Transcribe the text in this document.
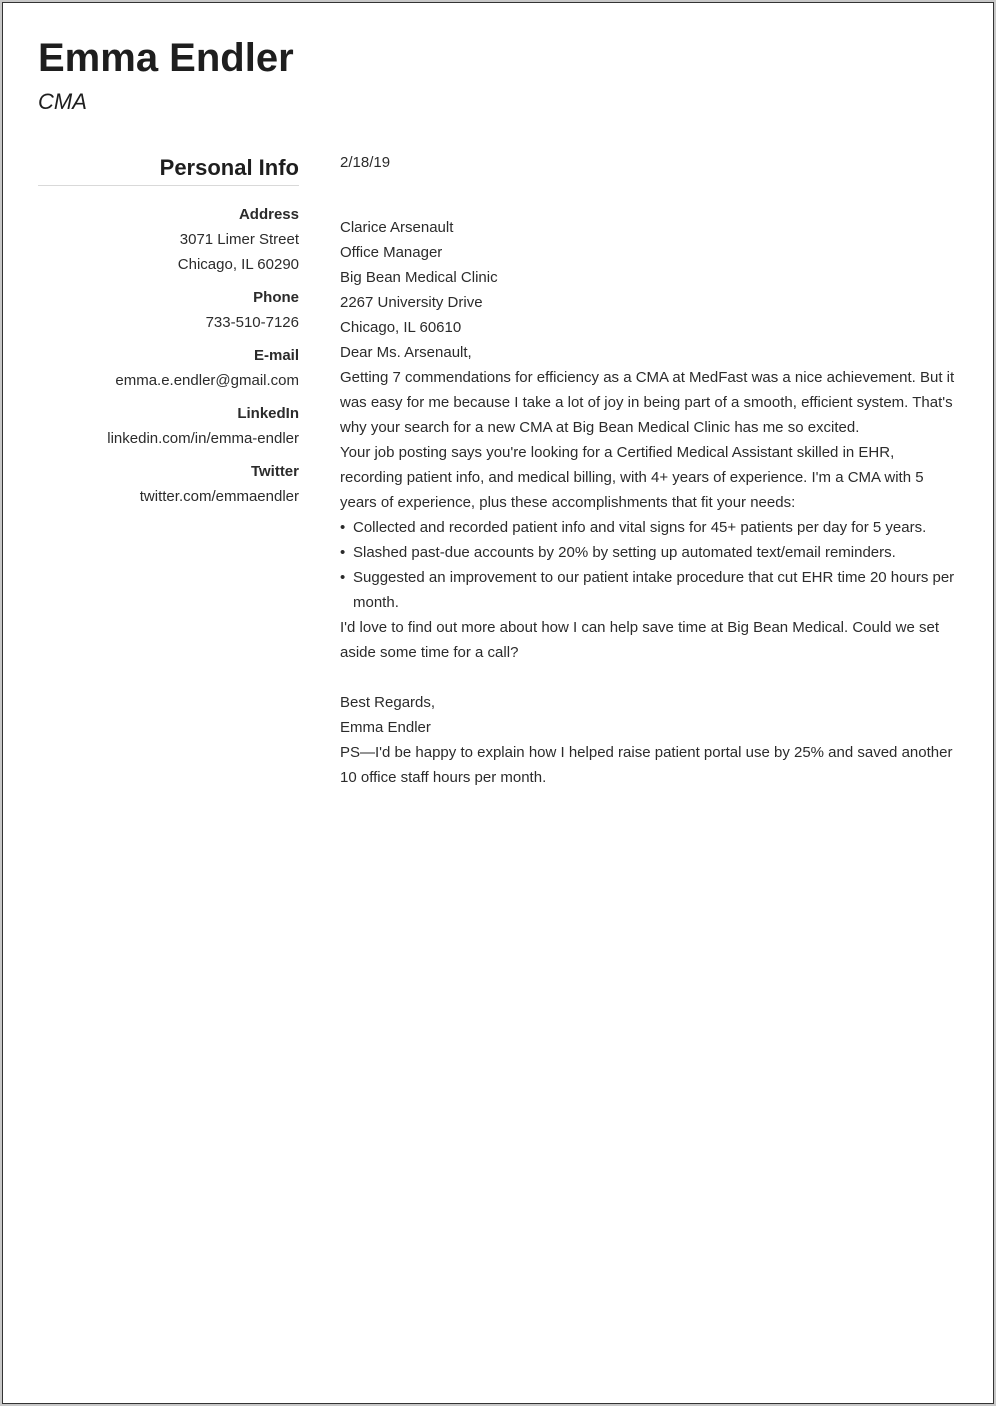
Emma Endler
CMA
Personal Info
Address
3071 Limer Street
Chicago, IL 60290
Phone
733-510-7126
E-mail
emma.e.endler@gmail.com
LinkedIn
linkedin.com/in/emma-endler
Twitter
twitter.com/emmaendler

2/18/19

Clarice Arsenault

Office Manager

Big Bean Medical Clinic

2267 University Drive

Chicago, IL 60610

Dear Ms. Arsenault,

Getting 7 commendations for efficiency as a CMA at MedFast was a nice achievement. But it was easy for me because I take a lot of joy in being part of a smooth, efficient system. That's why your search for a new CMA at Big Bean Medical Clinic has me so excited.

Your job posting says you're looking for a Certified Medical Assistant skilled in EHR, recording patient info, and medical billing, with 4+ years of experience. I'm a CMA with 5 years of experience, plus these accomplishments that fit your needs:

• Collected and recorded patient info and vital signs for 45+ patients per day for 5 years.
• Slashed past-due accounts by 20% by setting up automated text/email reminders.
• Suggested an improvement to our patient intake procedure that cut EHR time 20 hours per month.

I'd love to find out more about how I can help save time at Big Bean Medical. Could we set aside some time for a call?

Best Regards,

Emma Endler

PS—I'd be happy to explain how I helped raise patient portal use by 25% and saved another 10 office staff hours per month.
